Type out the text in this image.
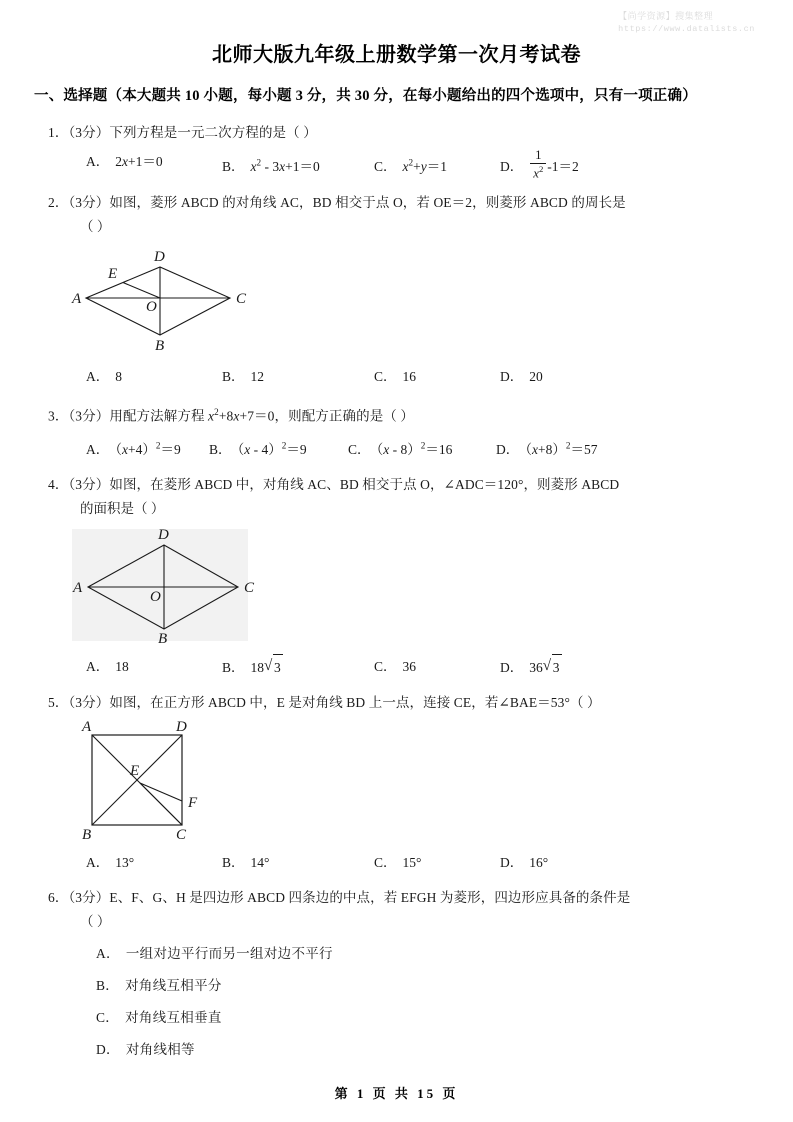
【尚学资源】搜集整理
https://www.datalists.cn
北师大版九年级上册数学第一次月考试卷
一、选择题（本大题共 10 小题，每小题 3 分，共 30 分，在每小题给出的四个选项中，只有一项正确）
1．（3分）下列方程是一元二次方程的是（ ）
A． 2x+1＝0	B． $x^2 - 3x+1=0$	C． $x^2+y=1$	D． $\frac{1}{x^2} -1=2$
2．（3分）如图，菱形 ABCD 的对角线 AC，BD 相交于点 O，若 OE＝2，则菱形 ABCD 的周长是
（ ）
D
E
A	C
O
B
A． 8	B． 12	C． 16	D． 20
3．（3分）用配方法解方程 $x^2+8x+7=0$，则配方正确的是（ ）
A． $(x+4)^2=9$	B． （x - 4）$^2$＝9	C． （x - 8）$^2$＝16	D． $(x+8)^2=57$
4．（3分）如图，在菱形 ABCD 中，对角线 AC、BD 相交于点 O，∠ADC＝120°，则菱形 ABCD
的面积是（ ）
D
A	C
O
B
A． 18	B． 18 √ 3	C． 36	D． 36 √ 3
5．（3分）如图，在正方形 ABCD 中，E 是对角线 BD 上一点，连接 CE，若∠BAE＝53°（ ）
A	D
E
F
B	C
A． 13°	B． 14°	C． 15°	D． 16°
6．（3分）E、F、G、H 是四边形 ABCD 四条边的中点，若 EFGH 为菱形，四边形应具备的条件是
（ ）
A． 一组对边平行而另一组对边不平行
B． 对角线互相平分
C． 对角线互相垂直
D． 对角线相等
第 1 页 共 15 页
